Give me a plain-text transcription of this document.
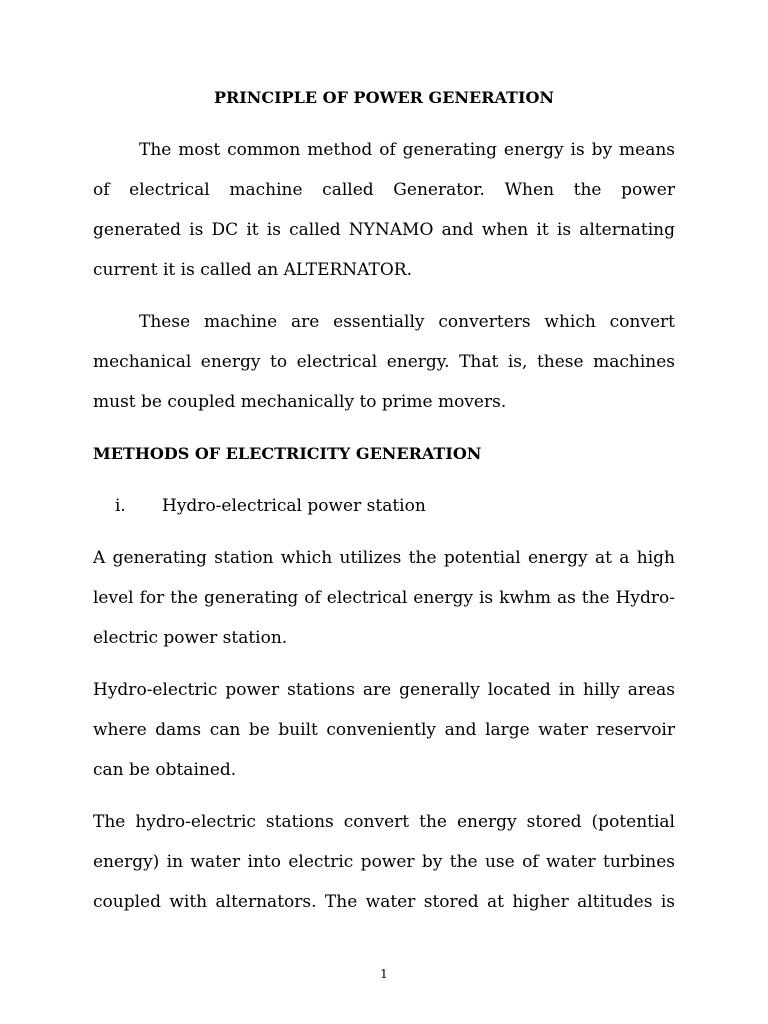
PRINCIPLE OF POWER GENERATION
The most common method of generating energy is by means
of electrical machine called Generator. When the power
generated is DC it is called NYNAMO and when it is alternating
current it is called an ALTERNATOR.
These machine are essentially converters which convert
mechanical energy to electrical energy. That is, these machines
must be coupled mechanically to prime movers.
METHODS OF ELECTRICITY GENERATION
i. Hydro-electrical power station
A generating station which utilizes the potential energy at a high
level for the generating of electrical energy is kwhm as the Hydro-
electric power station.
Hydro-electric power stations are generally located in hilly areas
where dams can be built conveniently and large water reservoir
can be obtained.
The hydro-electric stations convert the energy stored (potential
energy) in water into electric power by the use of water turbines
coupled with alternators. The water stored at higher altitudes is
1
